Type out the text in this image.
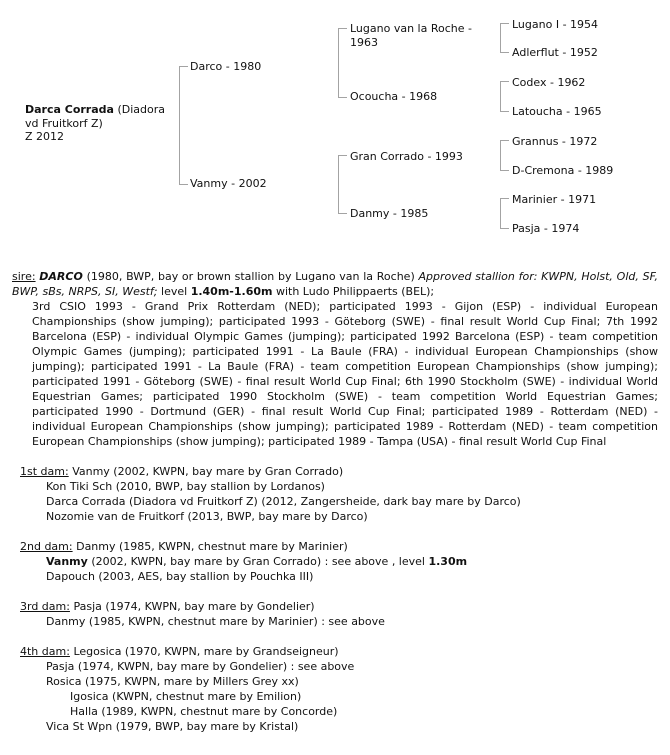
Darca Corrada (Diadora vd Fruitkorf Z)
Z 2012
Darco - 1980
Vanmy - 2002
Lugano van la Roche - 1963
Ocoucha - 1968
Gran Corrado - 1993
Danmy - 1985
Lugano I - 1954
Adlerflut - 1952
Codex - 1962
Latoucha - 1965
Grannus - 1972
D-Cremona - 1989
Marinier - 1971
Pasja - 1974

sire: DARCO (1980, BWP, bay or brown stallion by Lugano van la Roche) Approved stallion for: KWPN, Holst, Old, SF, BWP, sBs, NRPS, SI, Westf; level 1.40m-1.60m with Ludo Philippaerts (BEL);

3rd CSIO 1993 - Grand Prix Rotterdam (NED); participated 1993 - Gijon (ESP) - individual European Championships (show jumping); participated 1993 - Göteborg (SWE) - final result World Cup Final; 7th 1992 Barcelona (ESP) - individual Olympic Games (jumping); participated 1992 Barcelona (ESP) - team competition Olympic Games (jumping); participated 1991 - La Baule (FRA) - individual European Championships (show jumping); participated 1991 - La Baule (FRA) - team competition European Championships (show jumping); participated 1991 - Göteborg (SWE) - final result World Cup Final; 6th 1990 Stockholm (SWE) - individual World Equestrian Games; participated 1990 Stockholm (SWE) - team competition World Equestrian Games; participated 1990 - Dortmund (GER) - final result World Cup Final; participated 1989 - Rotterdam (NED) - individual European Championships (show jumping); participated 1989 - Rotterdam (NED) - team competition European Championships (show jumping); participated 1989 - Tampa (USA) - final result World Cup Final

1st dam: Vanmy (2002, KWPN, bay mare by Gran Corrado)
Kon Tiki Sch (2010, BWP, bay stallion by Lordanos)
Darca Corrada (Diadora vd Fruitkorf Z) (2012, Zangersheide, dark bay mare by Darco)
Nozomie van de Fruitkorf (2013, BWP, bay mare by Darco)
2nd dam: Danmy (1985, KWPN, chestnut mare by Marinier)
Vanmy (2002, KWPN, bay mare by Gran Corrado) : see above , level 1.30m
Dapouch (2003, AES, bay stallion by Pouchka III)
3rd dam: Pasja (1974, KWPN, bay mare by Gondelier)
Danmy (1985, KWPN, chestnut mare by Marinier) : see above
4th dam: Legosica (1970, KWPN, mare by Grandseigneur)
Pasja (1974, KWPN, bay mare by Gondelier) : see above
Rosica (1975, KWPN, mare by Millers Grey xx)
Igosica (KWPN, chestnut mare by Emilion)
Halla (1989, KWPN, chestnut mare by Concorde)
Vica St Wpn (1979, BWP, bay mare by Kristal)
